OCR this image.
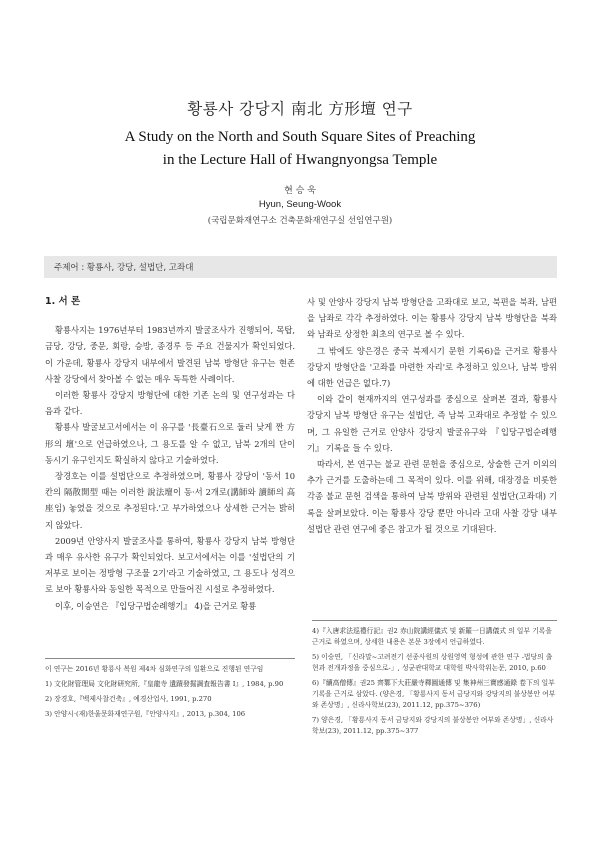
황룡사 강당지 南北 方形壇 연구
A Study on the North and South Square Sites of Preaching
in the Lecture Hall of Hwangnyongsa Temple
현 승 욱
Hyun, Seung-Wook
(국립문화재연구소 건축문화재연구실 선임연구원)
주제어 : 황룡사, 강당, 설법단, 고좌대

1. 서 론

황룡사지는 1976년부터 1983년까지 발굴조사가 진행되어, 목탑, 금당, 강당, 중문, 회랑, 승방, 종경루 등 주요 건물지가 확인되었다. 이 가운데, 황룡사 강당지 내부에서 발견된 남북 방형단 유구는 현존 사찰 강당에서 찾아볼 수 없는 매우 독특한 사례이다.

이러한 황룡사 강당지 방형단에 대한 기존 논의 및 연구성과는 다음과 같다.

황룡사 발굴보고서에서는 이 유구를 '長臺石으로 둘러 낮게 짠 方形의 壇'으로 언급하였으나, 그 용도를 알 수 없고, 남북 2개의 단이 동시기 유구인지도 확실하지 않다고 기술하였다.

장경호는 이를 설법단으로 추정하였으며, 황룡사 강당이 '동서 10칸의 隔散開型 때는 이러한 說法壇이 동·서 2개로(講師와 讀師의 高座임) 놓였을 것으로 추정된다.'고 부가하였으나 상세한 근거는 밝히지 않았다.

2009년 안양사지 발굴조사를 통하여, 황룡사 강당지 남북 방형단과 매우 유사한 유구가 확인되었다. 보고서에서는 이를 '설법단의 기저부로 보이는 정방형 구조물 2기'라고 기술하였고, 그 용도나 성격으로 보아 황룡사와 동일한 목적으로 만들어진 시설로 추정하였다.

이후, 이승연은 『입당구법순례행기』 4)을 근거로 황룡

사 및 안양사 강당지 남북 방형단을 고좌대로 보고, 북편을 북좌, 남편을 남좌로 각각 추정하였다. 이는 황룡사 강당지 남북 방형단을 북좌와 남좌로 상정한 최초의 연구로 볼 수 있다.

그 밖에도 양은경은 중국 북제시기 문헌 기록6)을 근거로 황룡사 강당지 방형단을 '고좌를 마련한 자리'로 추정하고 있으나, 남북 방위에 대한 언급은 없다.7)

이와 같이 현재까지의 연구성과를 중심으로 살펴본 결과, 황룡사 강당지 남북 방형단 유구는 설법단, 즉 남북 고좌대로 추정할 수 있으며, 그 유일한 근거로 안양사 강당지 발굴유구와 『입당구법순례행기』 기록을 들 수 있다.

따라서, 본 연구는 불교 관련 문헌을 중심으로, 상술한 근거 이외의 추가 근거를 도출하는데 그 목적이 있다. 이를 위해, 대장경을 비롯한 각종 불교 문헌 검색을 통하여 남북 방위와 관련된 설법단(고좌대) 기록을 살펴보았다. 이는 황룡사 강당 뿐만 아니라 고대 사찰 강당 내부 설법단 관련 연구에 좋은 참고가 될 것으로 기대된다.

이 연구는 2016년 황룡사 복원 제4차 심화연구의 일환으로 진행된 연구임

1) 文化財管理局 文化財硏究所,『皇龍寺 遺蹟發掘調査報告書 I』, 1984, p.90

2) 장경호,『백제사찰건축』, 예경산업사, 1991, p.270

3) 안양시·(재)한울문화재연구원,『안양사지』, 2013, p.304, 106

4)『入唐求法巡禮行記』권2 赤山院講經儀式 및 新羅一日講儀式 의 일부 기록을 근거로 하였으며, 상세한 내용은 본문 3장에서 언급하였다.

5) 이승연, 「신라말~고려전기 선종사원의 상원영역 형성에 관한 연구 -법당의 출현과 전개과정을 중심으로-」, 성균관대학교 대학원 박사학위논문, 2010, p.60

6)『續高僧傳』권25 齊鄴下大莊嚴寺釋圓通傳 및 集神州三寶感通錄 卷下의 일부 기록을 근거로 삼았다. (양은경, 「황룡사지 동서 금당지와 강당지의 불상봉안 여부와 존상명」, 신라사학보(23), 2011.12, pp.375~376)

7) 양은경, 「황룡사지 동서 금당지와 강당지의 불상봉안 여부와 존상명」, 신라사학보(23), 2011.12, pp.375~377
